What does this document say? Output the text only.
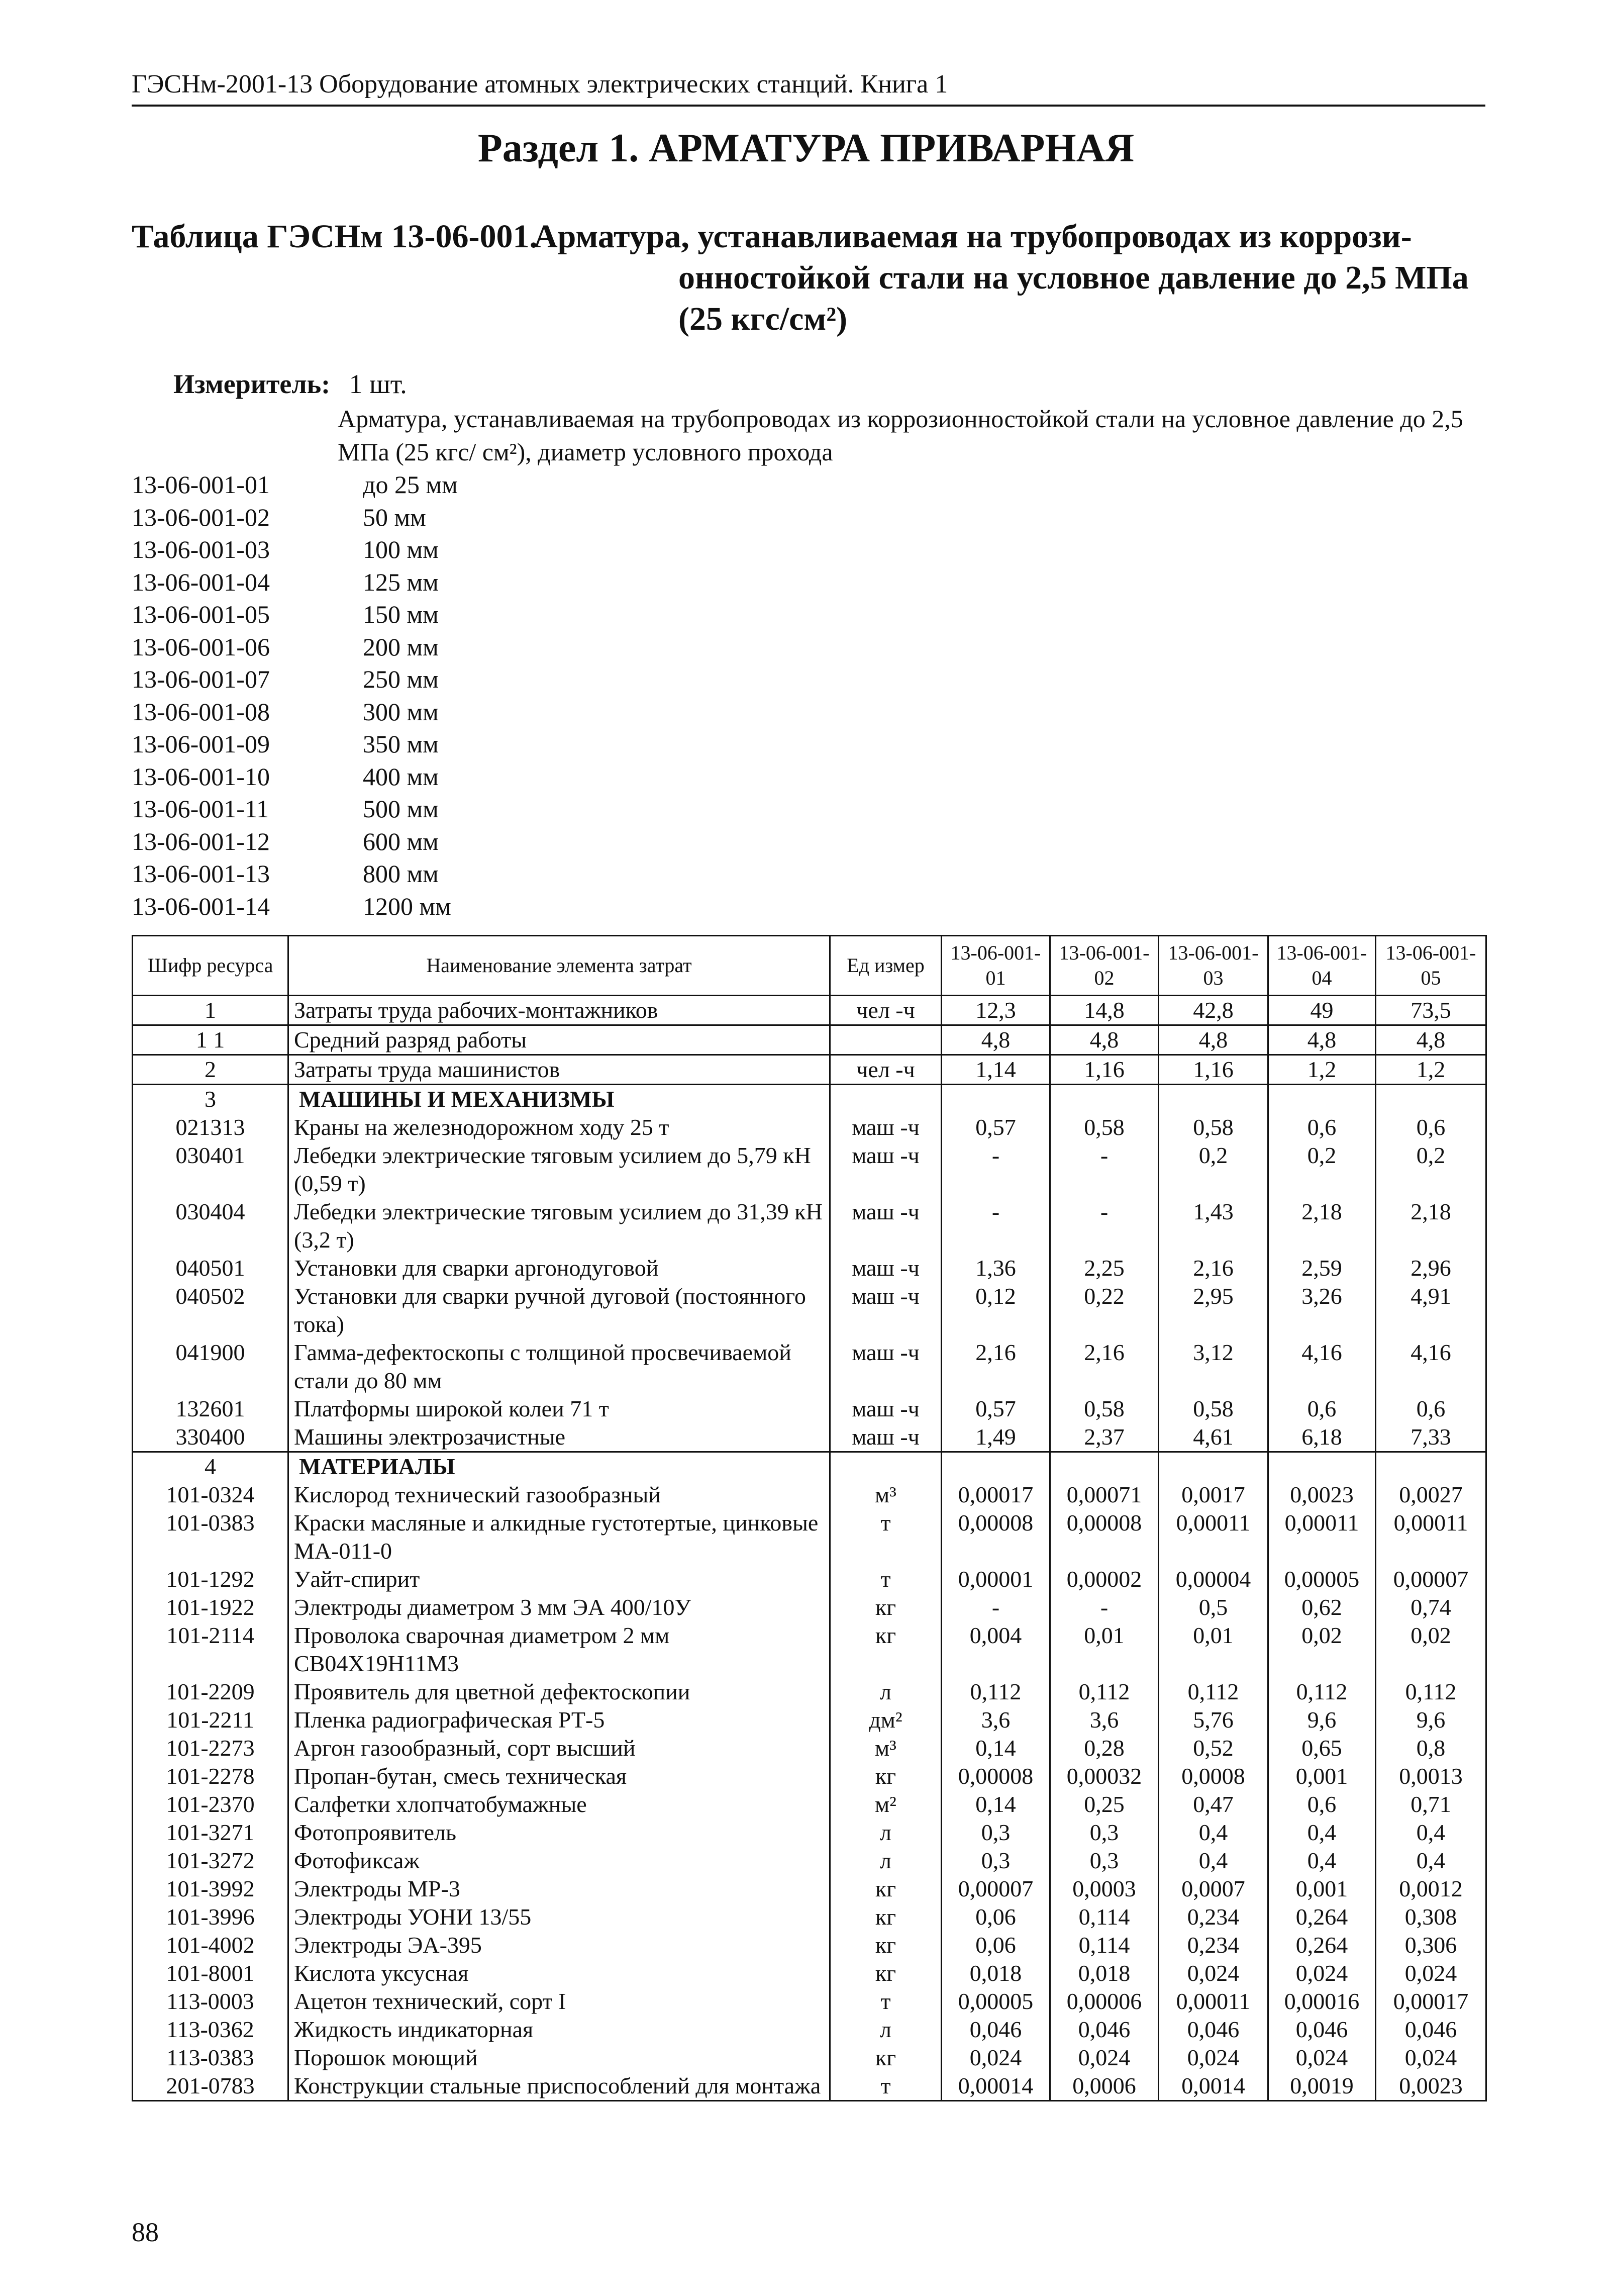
ГЭСНм-2001-13 Оборудование атомных электрических станций. Книга 1
Раздел 1. АРМАТУРА ПРИВАРНАЯ
Таблица ГЭСНм 13-06-001.
Арматура, устанавливаемая на трубопроводах из коррози-
онностойкой стали на условное давление до 2,5 МПа
(25 кгс/см²)
Измеритель: 1 шт.
Арматура, устанавливаемая на трубопроводах из коррозионностойкой стали на условное давление до 2,5 МПа (25 кгс/ см²), диаметр условного прохода
13-06-001-01	до 25 мм
13-06-001-02	50 мм
13-06-001-03	100 мм
13-06-001-04	125 мм
13-06-001-05	150 мм
13-06-001-06	200 мм
13-06-001-07	250 мм
13-06-001-08	300 мм
13-06-001-09	350 мм
13-06-001-10	400 мм
13-06-001-11	500 мм
13-06-001-12	600 мм
13-06-001-13	800 мм
13-06-001-14	1200 мм
Шифр ресурса	Наименование элемента затрат	Ед измер	13-06-001-01	13-06-001-02	13-06-001-03	13-06-001-04	13-06-001-05
1	Затраты труда рабочих-монтажников	чел -ч	12,3	14,8	42,8	49	73,5
1 1	Средний разряд работы		4,8	4,8	4,8	4,8	4,8
2	Затраты труда машинистов	чел -ч	1,14	1,16	1,16	1,2	1,2
3	МАШИНЫ И МЕХАНИЗМЫ						
021313	Краны на железнодорожном ходу 25 т	маш -ч	0,57	0,58	0,58	0,6	0,6
030401	Лебедки электрические тяговым усилием до 5,79 кН (0,59 т)	маш -ч	-	-	0,2	0,2	0,2
030404	Лебедки электрические тяговым усилием до 31,39 кН (3,2 т)	маш -ч	-	-	1,43	2,18	2,18
040501	Установки для сварки аргонодуговой	маш -ч	1,36	2,25	2,16	2,59	2,96
040502	Установки для сварки ручной дуговой (постоянного тока)	маш -ч	0,12	0,22	2,95	3,26	4,91
041900	Гамма-дефектоскопы с толщиной просвечиваемой стали до 80 мм	маш -ч	2,16	2,16	3,12	4,16	4,16
132601	Платформы широкой колеи 71 т	маш -ч	0,57	0,58	0,58	0,6	0,6
330400	Машины электрозачистные	маш -ч	1,49	2,37	4,61	6,18	7,33
4	МАТЕРИАЛЫ						
101-0324	Кислород технический газообразный	м³	0,00017	0,00071	0,0017	0,0023	0,0027
101-0383	Краски масляные и алкидные густотертые, цинковые МА-011-0	т	0,00008	0,00008	0,00011	0,00011	0,00011
101-1292	Уайт-спирит	т	0,00001	0,00002	0,00004	0,00005	0,00007
101-1922	Электроды диаметром 3 мм ЭА 400/10У	кг	-	-	0,5	0,62	0,74
101-2114	Проволока сварочная диаметром 2 мм СВ04Х19Н11М3	кг	0,004	0,01	0,01	0,02	0,02
101-2209	Проявитель для цветной дефектоскопии	л	0,112	0,112	0,112	0,112	0,112
101-2211	Пленка радиографическая РТ-5	дм²	3,6	3,6	5,76	9,6	9,6
101-2273	Аргон газообразный, сорт высший	м³	0,14	0,28	0,52	0,65	0,8
101-2278	Пропан-бутан, смесь техническая	кг	0,00008	0,00032	0,0008	0,001	0,0013
101-2370	Салфетки хлопчатобумажные	м²	0,14	0,25	0,47	0,6	0,71
101-3271	Фотопроявитель	л	0,3	0,3	0,4	0,4	0,4
101-3272	Фотофиксаж	л	0,3	0,3	0,4	0,4	0,4
101-3992	Электроды МР-3	кг	0,00007	0,0003	0,0007	0,001	0,0012
101-3996	Электроды УОНИ 13/55	кг	0,06	0,114	0,234	0,264	0,308
101-4002	Электроды ЭА-395	кг	0,06	0,114	0,234	0,264	0,306
101-8001	Кислота уксусная	кг	0,018	0,018	0,024	0,024	0,024
113-0003	Ацетон технический, сорт I	т	0,00005	0,00006	0,00011	0,00016	0,00017
113-0362	Жидкость индикаторная	л	0,046	0,046	0,046	0,046	0,046
113-0383	Порошок моющий	кг	0,024	0,024	0,024	0,024	0,024
201-0783	Конструкции стальные приспособлений для монтажа	т	0,00014	0,0006	0,0014	0,0019	0,0023
88
